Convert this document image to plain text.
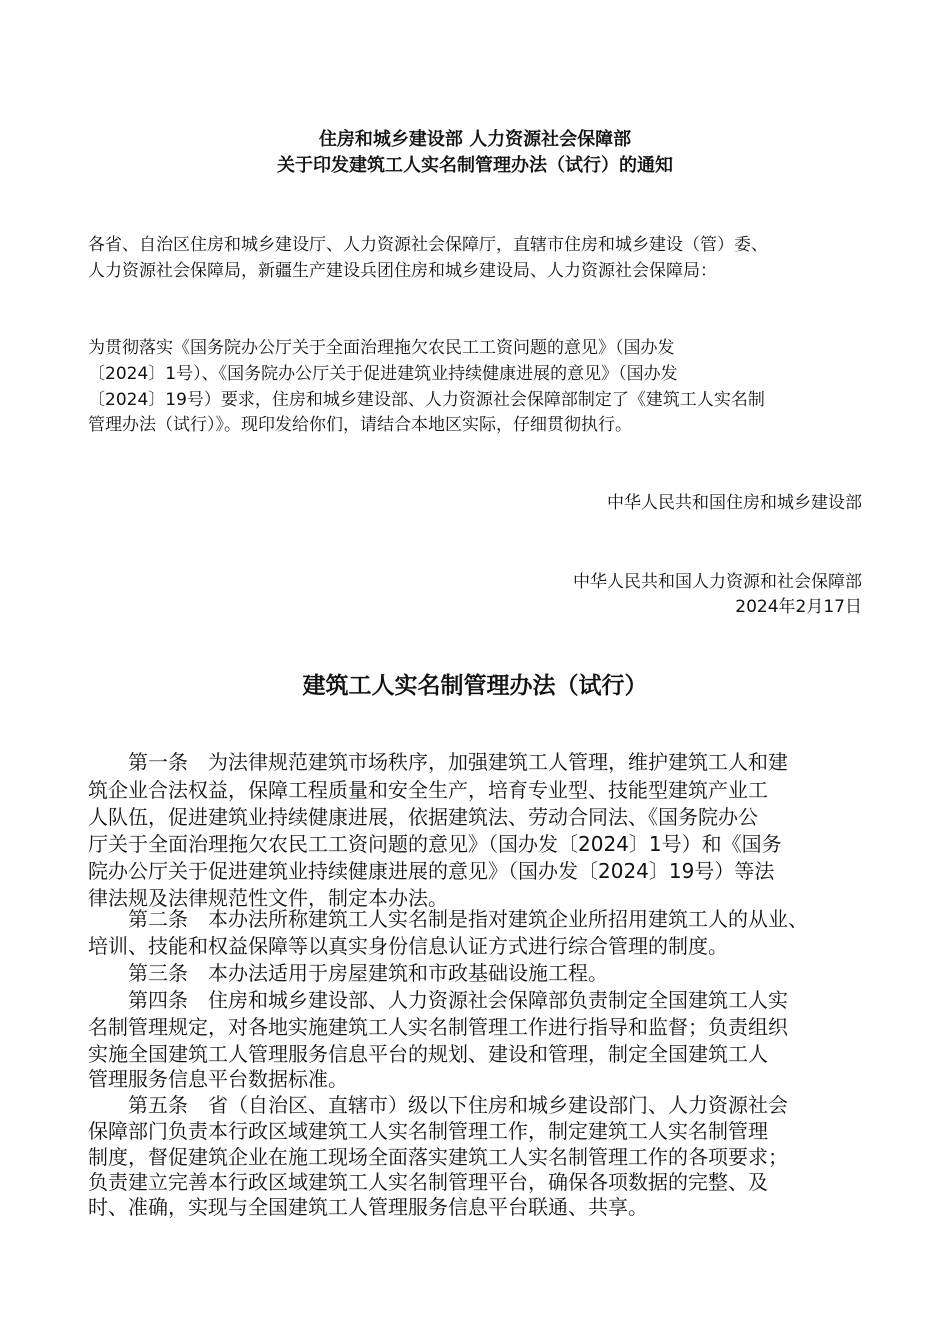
住房和城乡建设部 人力资源社会保障部
关于印发建筑工人实名制管理办法（试行）的通知
各省、自治区住房和城乡建设厅、人力资源社会保障厅，直辖市住房和城乡建设（管）委、
人力资源社会保障局，新疆生产建设兵团住房和城乡建设局、人力资源社会保障局：
为贯彻落实《国务院办公厅关于全面治理拖欠农民工工资问题的意见》（国办发
〔2024〕1号）、《国务院办公厅关于促进建筑业持续健康进展的意见》（国办发
〔2024〕19号）要求，住房和城乡建设部、人力资源社会保障部制定了《建筑工人实名制
管理办法（试行）》。现印发给你们，请结合本地区实际，仔细贯彻执行。
中华人民共和国住房和城乡建设部
中华人民共和国人力资源和社会保障部
2024年2月17日
建筑工人实名制管理办法（试行）
　　第一条　为法律规范建筑市场秩序，加强建筑工人管理，维护建筑工人和建
筑企业合法权益，保障工程质量和安全生产，培育专业型、技能型建筑产业工
人队伍，促进建筑业持续健康进展，依据建筑法、劳动合同法、《国务院办公
厅关于全面治理拖欠农民工工资问题的意见》（国办发〔2024〕1号）和《国务
院办公厅关于促进建筑业持续健康进展的意见》（国办发〔2024〕19号）等法
律法规及法律规范性文件，制定本办法。
　　第二条　本办法所称建筑工人实名制是指对建筑企业所招用建筑工人的从业、
培训、技能和权益保障等以真实身份信息认证方式进行综合管理的制度。
　　第三条　本办法适用于房屋建筑和市政基础设施工程。
　　第四条　住房和城乡建设部、人力资源社会保障部负责制定全国建筑工人实
名制管理规定，对各地实施建筑工人实名制管理工作进行指导和监督；负责组织
实施全国建筑工人管理服务信息平台的规划、建设和管理，制定全国建筑工人
管理服务信息平台数据标准。
　　第五条　省（自治区、直辖市）级以下住房和城乡建设部门、人力资源社会
保障部门负责本行政区域建筑工人实名制管理工作，制定建筑工人实名制管理
制度，督促建筑企业在施工现场全面落实建筑工人实名制管理工作的各项要求；
负责建立完善本行政区域建筑工人实名制管理平台，确保各项数据的完整、及
时、准确，实现与全国建筑工人管理服务信息平台联通、共享。
